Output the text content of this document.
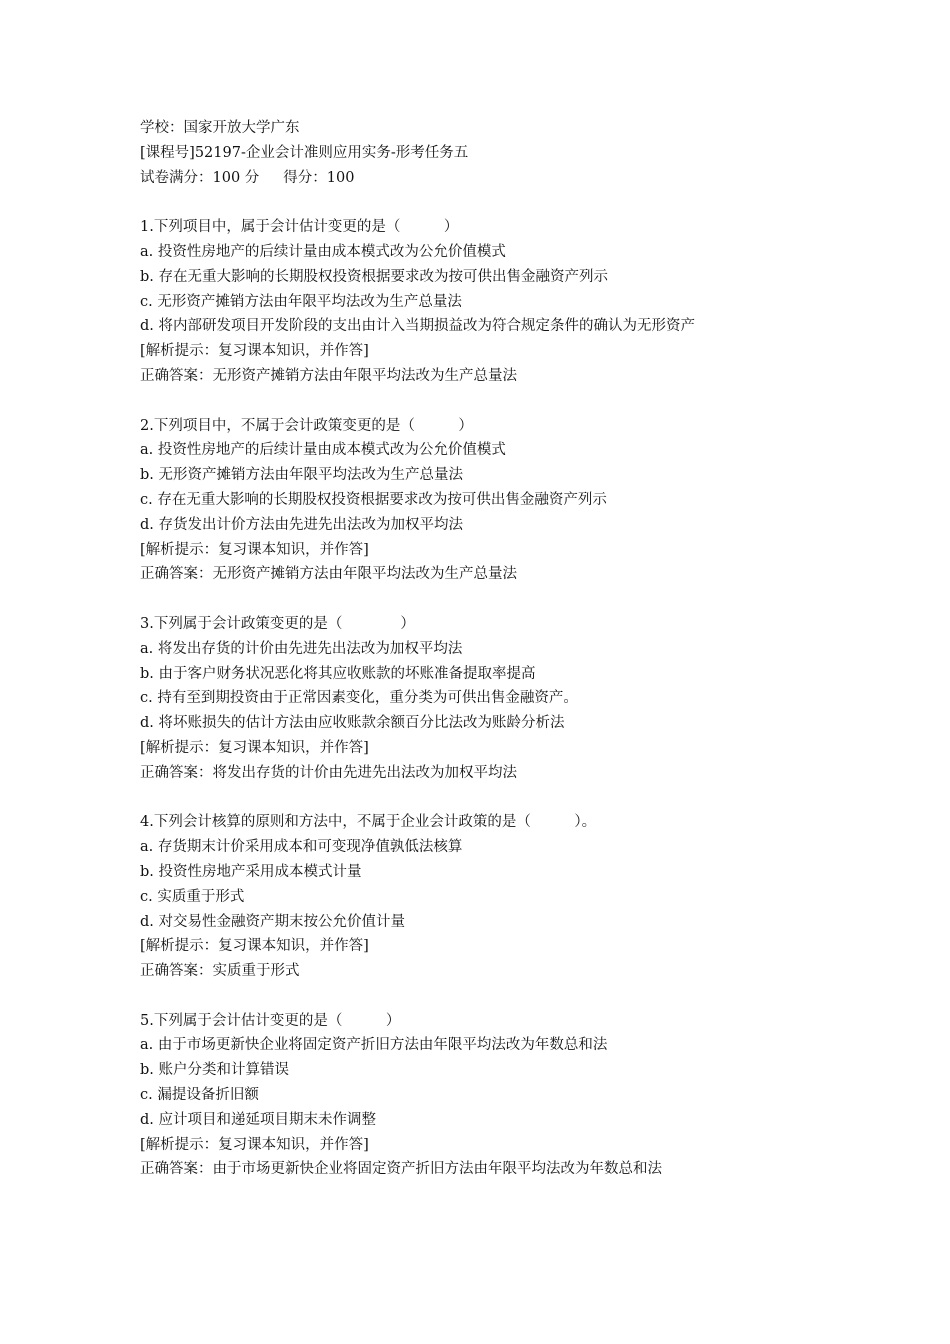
学校：国家开放大学广东
[课程号]52197-企业会计准则应用实务-形考任务五
试卷满分：100 分 得分：100
1.下列项目中，属于会计估计变更的是（　　　）
a. 投资性房地产的后续计量由成本模式改为公允价值模式
b. 存在无重大影响的长期股权投资根据要求改为按可供出售金融资产列示
c. 无形资产摊销方法由年限平均法改为生产总量法
d. 将内部研发项目开发阶段的支出由计入当期损益改为符合规定条件的确认为无形资产
[解析提示：复习课本知识，并作答]
正确答案：无形资产摊销方法由年限平均法改为生产总量法
2.下列项目中，不属于会计政策变更的是（　　　）
a. 投资性房地产的后续计量由成本模式改为公允价值模式
b. 无形资产摊销方法由年限平均法改为生产总量法
c. 存在无重大影响的长期股权投资根据要求改为按可供出售金融资产列示
d. 存货发出计价方法由先进先出法改为加权平均法
[解析提示：复习课本知识，并作答]
正确答案：无形资产摊销方法由年限平均法改为生产总量法
3.下列属于会计政策变更的是（　　　　）
a. 将发出存货的计价由先进先出法改为加权平均法
b. 由于客户财务状况恶化将其应收账款的坏账准备提取率提高
c. 持有至到期投资由于正常因素变化，重分类为可供出售金融资产。
d. 将坏账损失的估计方法由应收账款余额百分比法改为账龄分析法
[解析提示：复习课本知识，并作答]
正确答案：将发出存货的计价由先进先出法改为加权平均法
4.下列会计核算的原则和方法中，不属于企业会计政策的是（　　　）。
a. 存货期末计价采用成本和可变现净值孰低法核算
b. 投资性房地产采用成本模式计量
c. 实质重于形式
d. 对交易性金融资产期末按公允价值计量
[解析提示：复习课本知识，并作答]
正确答案：实质重于形式
5.下列属于会计估计变更的是（　　　）
a. 由于市场更新快企业将固定资产折旧方法由年限平均法改为年数总和法
b. 账户分类和计算错误
c. 漏提设备折旧额
d. 应计项目和递延项目期末未作调整
[解析提示：复习课本知识，并作答]
正确答案：由于市场更新快企业将固定资产折旧方法由年限平均法改为年数总和法
